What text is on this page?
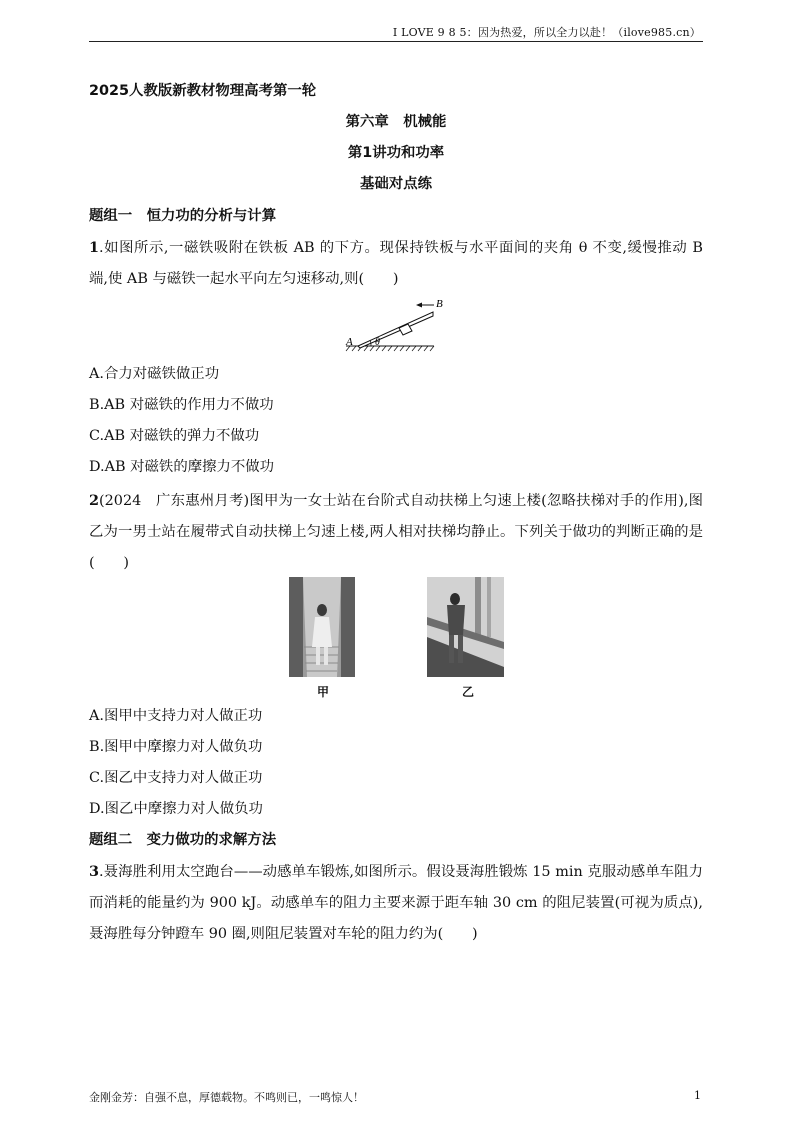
I LOVE 9 8 5：因为热爱，所以全力以赴！（ilove985.cn）
2025人教版新教材物理高考第一轮
第六章　机械能
第1讲功和功率
基础对点练
题组一　恒力功的分析与计算
1.如图所示,一磁铁吸附在铁板 AB 的下方。现保持铁板与水平面间的夹角 θ 不变,缓慢推动 B 端,使 AB 与磁铁一起水平向左匀速移动,则(　　)
A
B
θ
A.合力对磁铁做正功
B.AB 对磁铁的作用力不做功
C.AB 对磁铁的弹力不做功
D.AB 对磁铁的摩擦力不做功
2(2024　广东惠州月考)图甲为一女士站在台阶式自动扶梯上匀速上楼(忽略扶梯对手的作用),图乙为一男士站在履带式自动扶梯上匀速上楼,两人相对扶梯均静止。下列关于做功的判断正确的是(　　)
甲	乙
A.图甲中支持力对人做正功
B.图甲中摩擦力对人做负功
C.图乙中支持力对人做正功
D.图乙中摩擦力对人做负功
题组二　变力做功的求解方法
3.聂海胜利用太空跑台——动感单车锻炼,如图所示。假设聂海胜锻炼 15 min 克服动感单车阻力而消耗的能量约为 900 kJ。动感单车的阻力主要来源于距车轴 30 cm 的阻尼装置(可视为质点),聂海胜每分钟蹬车 90 圈,则阻尼装置对车轮的阻力约为(　　)
金刚金芳：自强不息，厚德载物。不鸣则已，一鸣惊人！	1
